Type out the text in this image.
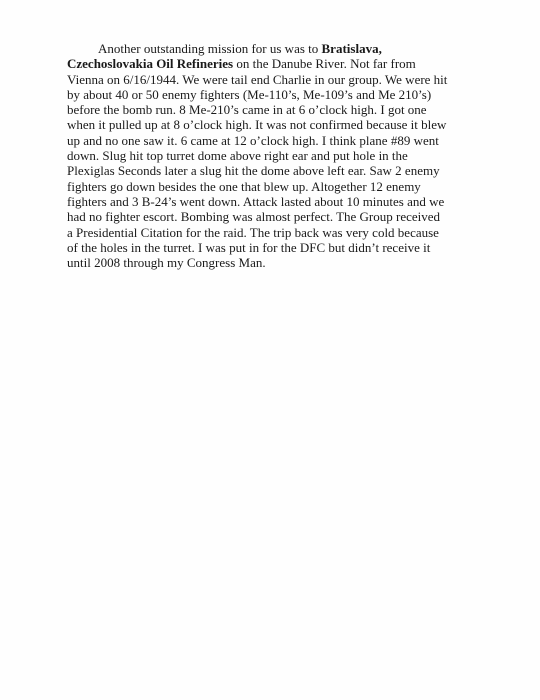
Another outstanding mission for us was to Bratislava,
Czechoslovakia Oil Refineries on the Danube River. Not far from
Vienna on 6/16/1944. We were tail end Charlie in our group. We were hit
by about 40 or 50 enemy fighters (Me-110’s, Me-109’s and Me 210’s)
before the bomb run. 8 Me-210’s came in at 6 o’clock high. I got one
when it pulled up at 8 o’clock high. It was not confirmed because it blew
up and no one saw it. 6 came at 12 o’clock high. I think plane #89 went
down. Slug hit top turret dome above right ear and put hole in the
Plexiglas Seconds later a slug hit the dome above left ear. Saw 2 enemy
fighters go down besides the one that blew up. Altogether 12 enemy
fighters and 3 B-24’s went down. Attack lasted about 10 minutes and we
had no fighter escort. Bombing was almost perfect. The Group received
a Presidential Citation for the raid. The trip back was very cold because
of the holes in the turret. I was put in for the DFC but didn’t receive it
until 2008 through my Congress Man.
